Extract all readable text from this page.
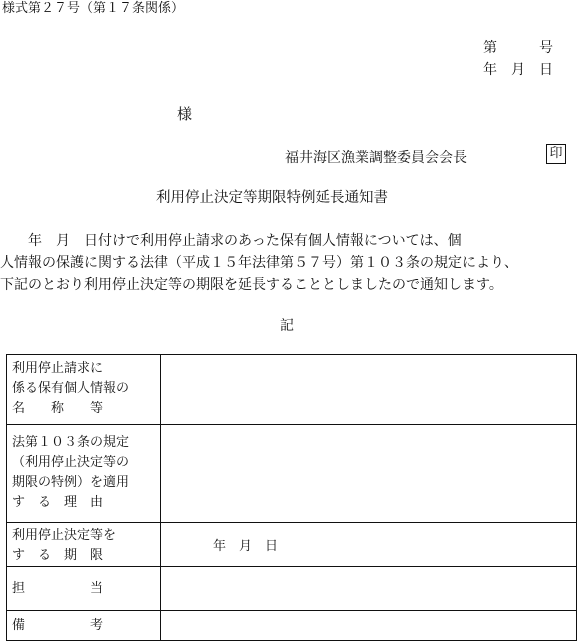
様式第２７号（第１７条関係）
第　　　号
年　月　日
様
福井海区漁業調整委員会会長	印
利用停止決定等期限特例延長通知書
　　年　月　日付けで利用停止請求のあった保有個人情報については、個
人情報の保護に関する法律（平成１５年法律第５７号）第１０３条の規定により、
下記のとおり利用停止決定等の期限を延長することとしましたので通知します。
記
利用停止請求に
係る保有個人情報の
名　　称　　等	

法第１０３条の規定
（利用停止決定等の
期限の特例）を適用
す　る　理　由	

利用停止決定等を
す　る　期　限	年　月　日
担　　　　　当	
備　　　　　考	
